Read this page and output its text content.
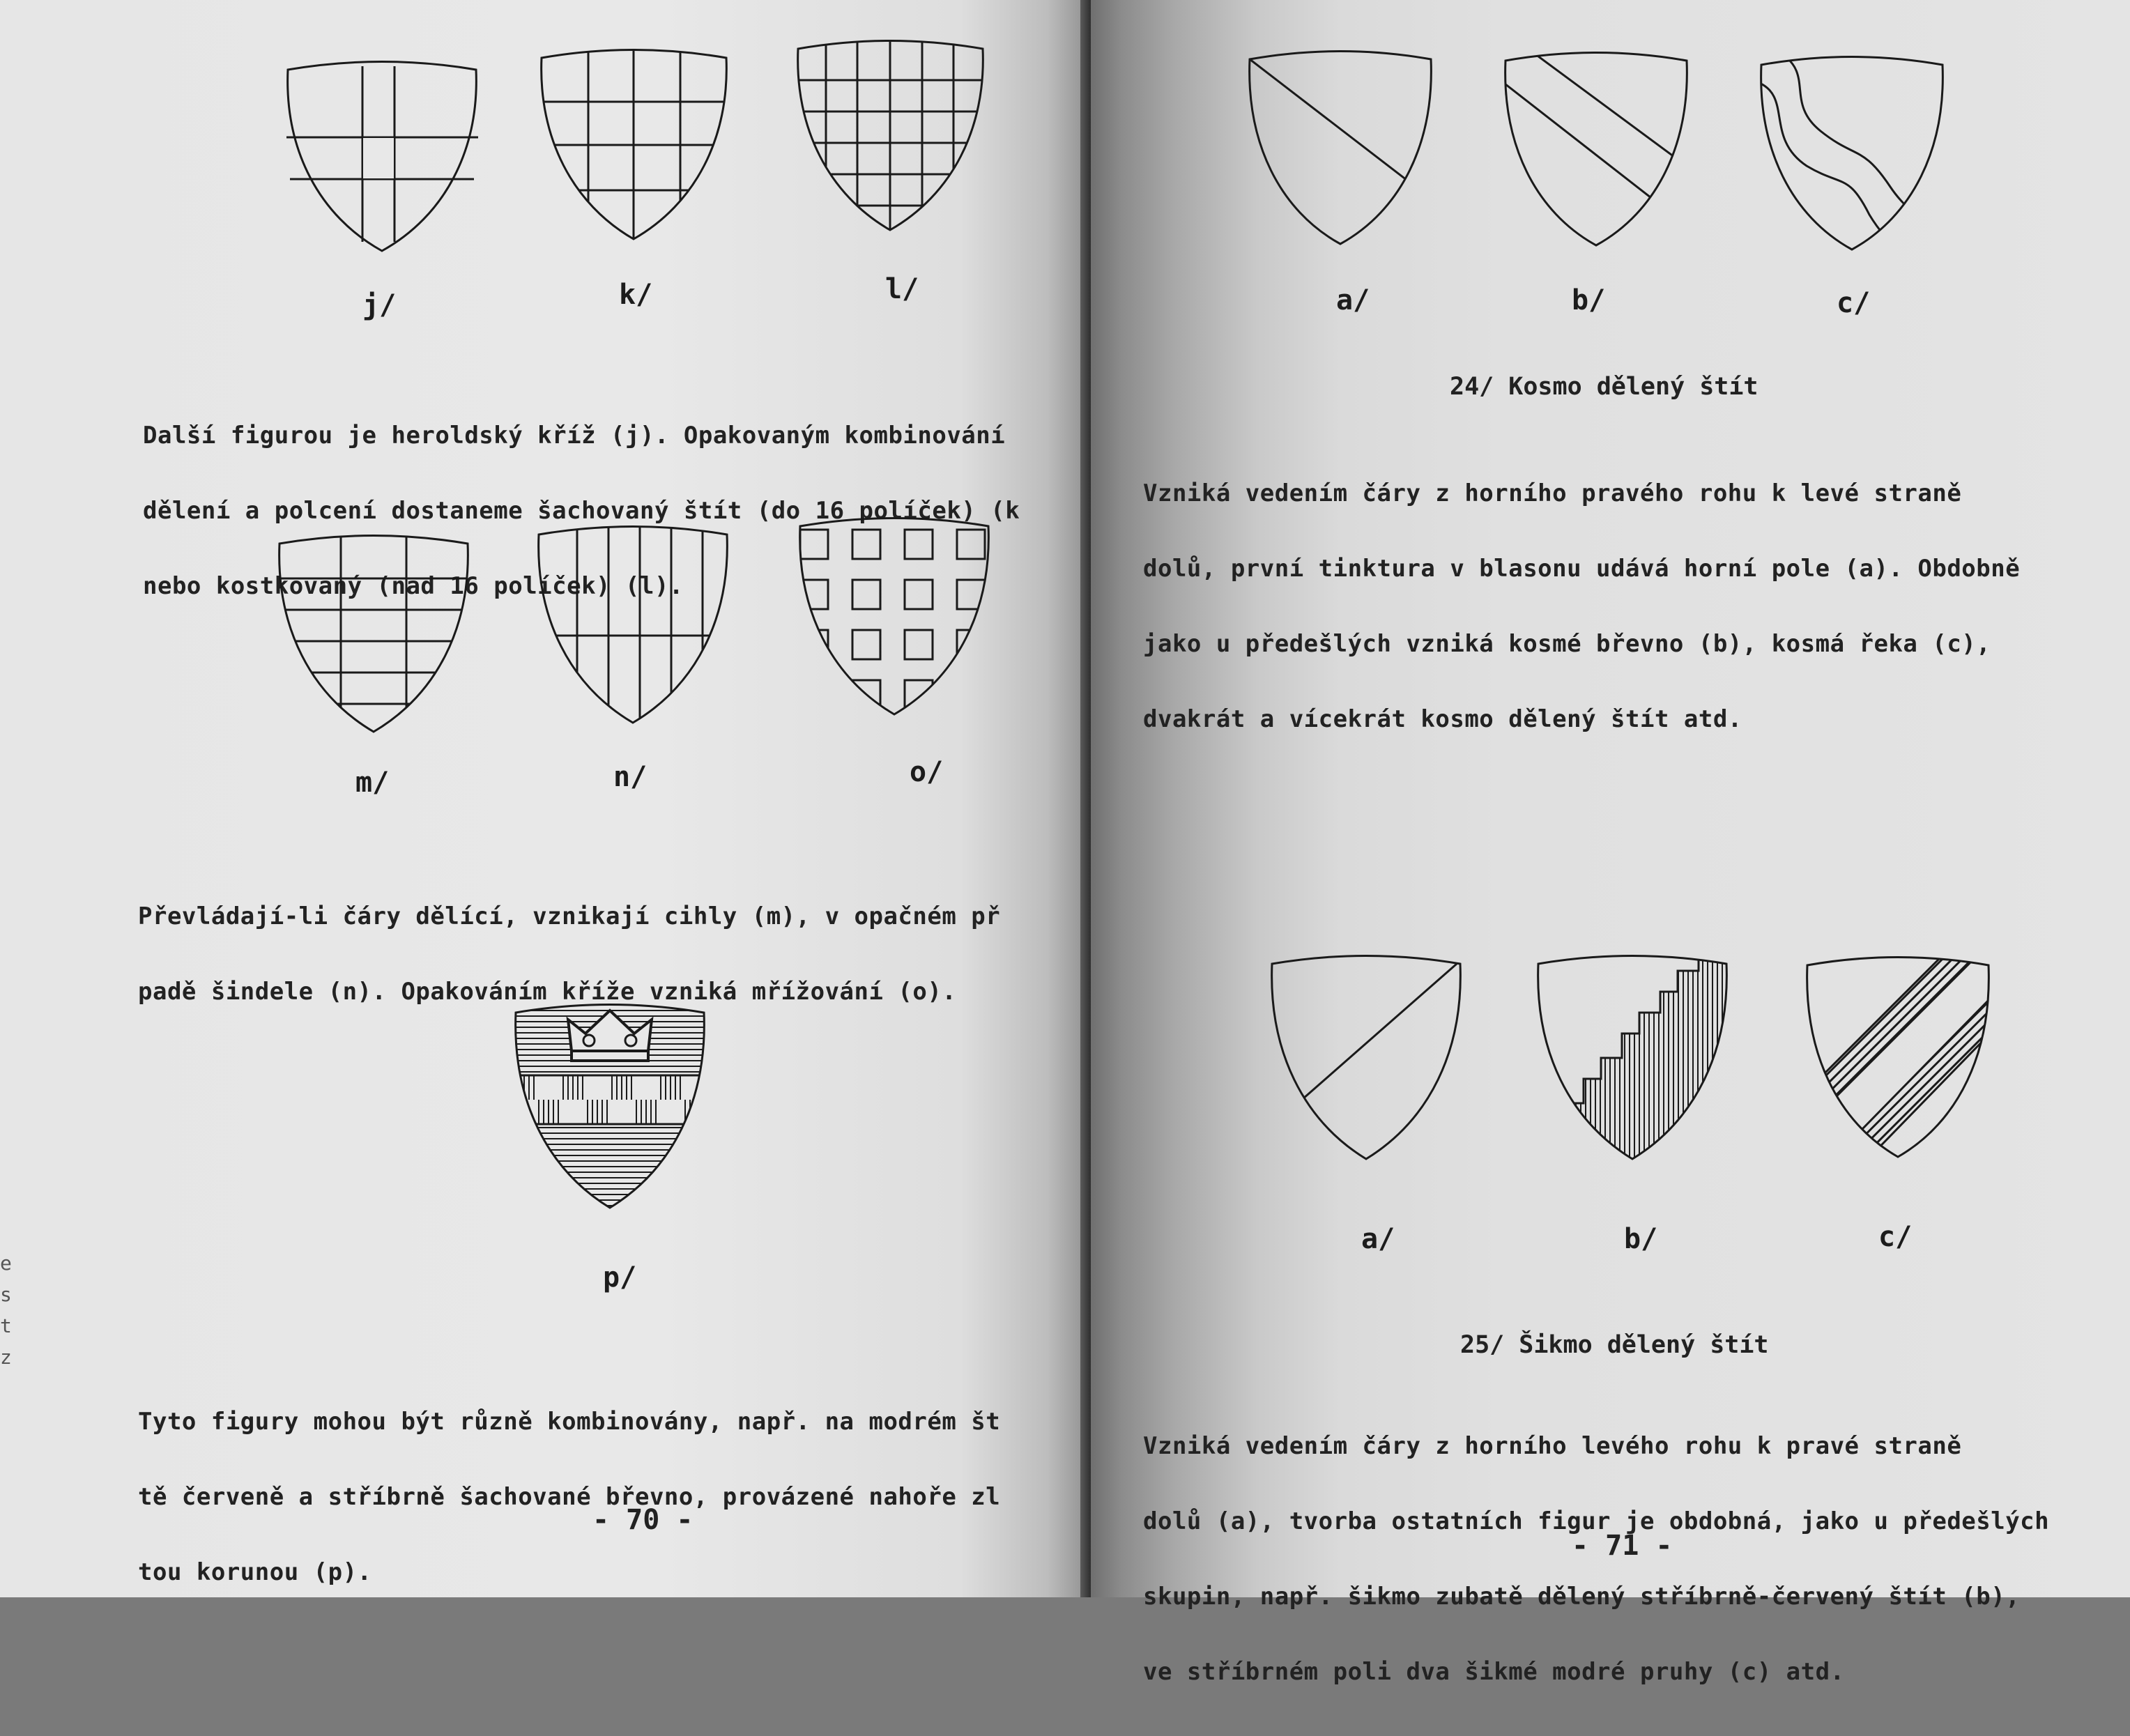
j/	k/	l/

Další figurou je heroldský kříž (j). Opakovaným kombinování

dělení a polcení dostaneme šachovaný štít (do 16 políček) (k

nebo kostkovaný (nad 16 políček) (l).

m/	n/	o/

Převládají-li čáry dělící, vznikají cihly (m), v opačném př

padě šindele (n). Opakováním kříže vzniká mřížování (o).

p/

Tyto figury mohou být různě kombinovány, např. na modrém št

tě červeně a stříbrně šachované břevno, provázené nahoře zl

tou korunou (p).

- 70 -
e
s
t
z
a/	b/	c/
24/ Kosmo dělený štít

Vzniká vedením čáry z horního pravého rohu k levé straně

dolů, první tinktura v blasonu udává horní pole (a). Obdobně

jako u předešlých vzniká kosmé břevno (b), kosmá řeka (c),

dvakrát a vícekrát kosmo dělený štít atd.

a/	b/	c/
25/ Šikmo dělený štít

Vzniká vedením čáry z horního levého rohu k pravé straně

dolů (a), tvorba ostatních figur je obdobná, jako u předešlých

skupin, např. šikmo zubatě dělený stříbrně-červený štít (b),

ve stříbrném poli dva šikmé modré pruhy (c) atd.

- 71 -
